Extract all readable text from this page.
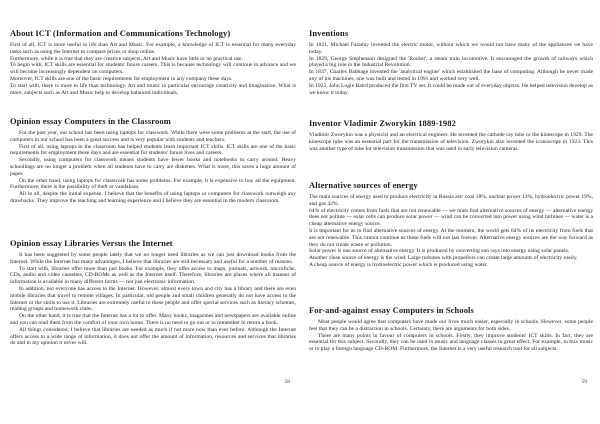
About ICT (Information and Communications Technology)

First of all, ICT is more useful in life than Art and Music. For example, a knowledge of ICT is essential for many everyday tasks such as using the Internet to compare prices or shop online.

Furthermore, while it is true that they are creative subjects, Art and Music have little or no practical use.

To begin with, ICT skills are essential for students' future careers. This is because technology will continue to advance and we will become increasingly dependent on computers.

Moreover, ICT skills are one of the basic requirements for employment in any company these days.

To start with, there is more to life than technology. Art and music in particular encourage creativity and imagination. What is more, subjects such as Art and Music help to develop balanced individuals.

Opinion essay Computers in the Classroom

For the past year, our school has been using laptops for classwork. While there were some problems at the start, the use of computers in our school has been a great success and is very popular with students and teachers.

First of all, using laptops in the classroom has helped students learn important ICT skills. ICT skills are one of the basic requirements for employment these days and are essential for students' future lives and careers.

Secondly, using computers for classwork means students have fewer books and notebooks to carry around. Heavy schoolbags are no longer a problem when all students have to carry are diskettes. What is more, this saves a huge amount of paper.

On the other hand, using laptops for classwork has some problems. For example, it is expensive to buy all the equipment. Furthermore, there is the possibility of theft or vandalism.

All in all, despite the initial expense, I believe that the benefits of using laptops or computers for classwork outweigh any drawbacks. They improve the teaching and learning experience and I believe they are essential in the modern classroom.

Opinion essay Libraries Versus the Internet

It has been suggested by some people lately that we no longer need libraries as we can just download books from the Internet. While the Internet has many advantages, I believe that libraries are still necessary and useful for a number of reasons.

To start with, libraries offer more than just books. For example, they offer access to maps, journals, artwork, microfiche, CDs, audio and video cassettes, CD-ROMs as well as the Internet itself. Therefore, libraries are places where all manner of information is available in many different forms — not just electronic information.

In addition, not everyone has access to the Internet. However, almost every town and city has a library and there are even mobile libraries that travel to remote villages. In particular, old people and small children generally do not have access to the Internet or the skills to use it. Libraries are extremely useful to these people and offer special services such as literacy schemes, reading groups and homework clubs.

On the other hand, it is true that the Internet has a lot to offer. Many books, magazines and newspapers are available online and you can read them from the comfort of your own home. There is no need to go out or to remember to return a book.

All things considered, I believe that libraries are needed as much if not more now than ever before. Although the Internet offers access to a wide range of information, it does not offer the amount of information, resources and services that libraries do and in my opinion it never will.

58
Inventions

In 1821, Michael Faraday invented the electric motor, without which we would not have many of the appliances we have today.

In 1829, George Stephenson designed the 'Rocket', a steam train locomotive. It encouraged the growth of railways which played a big role in the Industrial Revolution.

In 1837, Charles Babbage invented the 'analytical engine' which established the base of computing. Although he never made any of his machines, one was built and tested in 1991 and worked very well.

In 1925, John Logie Baird produced the first TV set. It could be made out of everyday objects. He helped television develop as we know it today.

Inventor Vladimir Zworykin 1889-1982

Vladimir Zworykin was a physicist and an electrical engineer. He invented the cathode ray tube or the kinescope in 1929. The kinescope tube was an essential part for the transmission of television. Zworykin also invented the iconoscope in 1923. This was another type of tube for television transmission that was used in early television cameras.

Alternative sources of energy

The main sources of energy used to produce electricity in Russia are: coal 18%, nuclear power 13%, hydroelectric power 19%, and gas 42%.

64% of electricity comes from fuels that are not renewable — we must find alternative sources of energy — alternative energy does not pollute — solar cells can produce solar power — wind can be converted into power using wind turbines — water is a cheap alternative energy source.

It is important for us to find alternative sources of energy. At the moment, the world gets 64% of its electricity from fuels that are not renewable. This cannot continue as these fuels will not last forever. Alternative energy sources are the way forward as they do not create waste or pollution.

Solar power is one source of alternative energy. It is produced by converting sun rays into energy using solar panels.

Another clean source of energy is the wind. Large turbines with propellors can create large amounts of electricity easily.

A cheap source of energy is hydroelectric power which is produced using water.

For-and-against essay Computers in Schools

Most people would agree that computers have made our lives much easier, especially in schools. However, some people feel that they can be a distraction in schools. Certainly, there are arguments for both sides.

There are many points in favour of computers in schools. Firstly, they improve students' ICT skills. In fact, they are essential for this subject. Secondly, they can be used in music and language classes to great effect. For example, to mix music or to play a foreign language CD-ROM. Furthermore, the Internet is a very useful research tool for all subjects.

59
